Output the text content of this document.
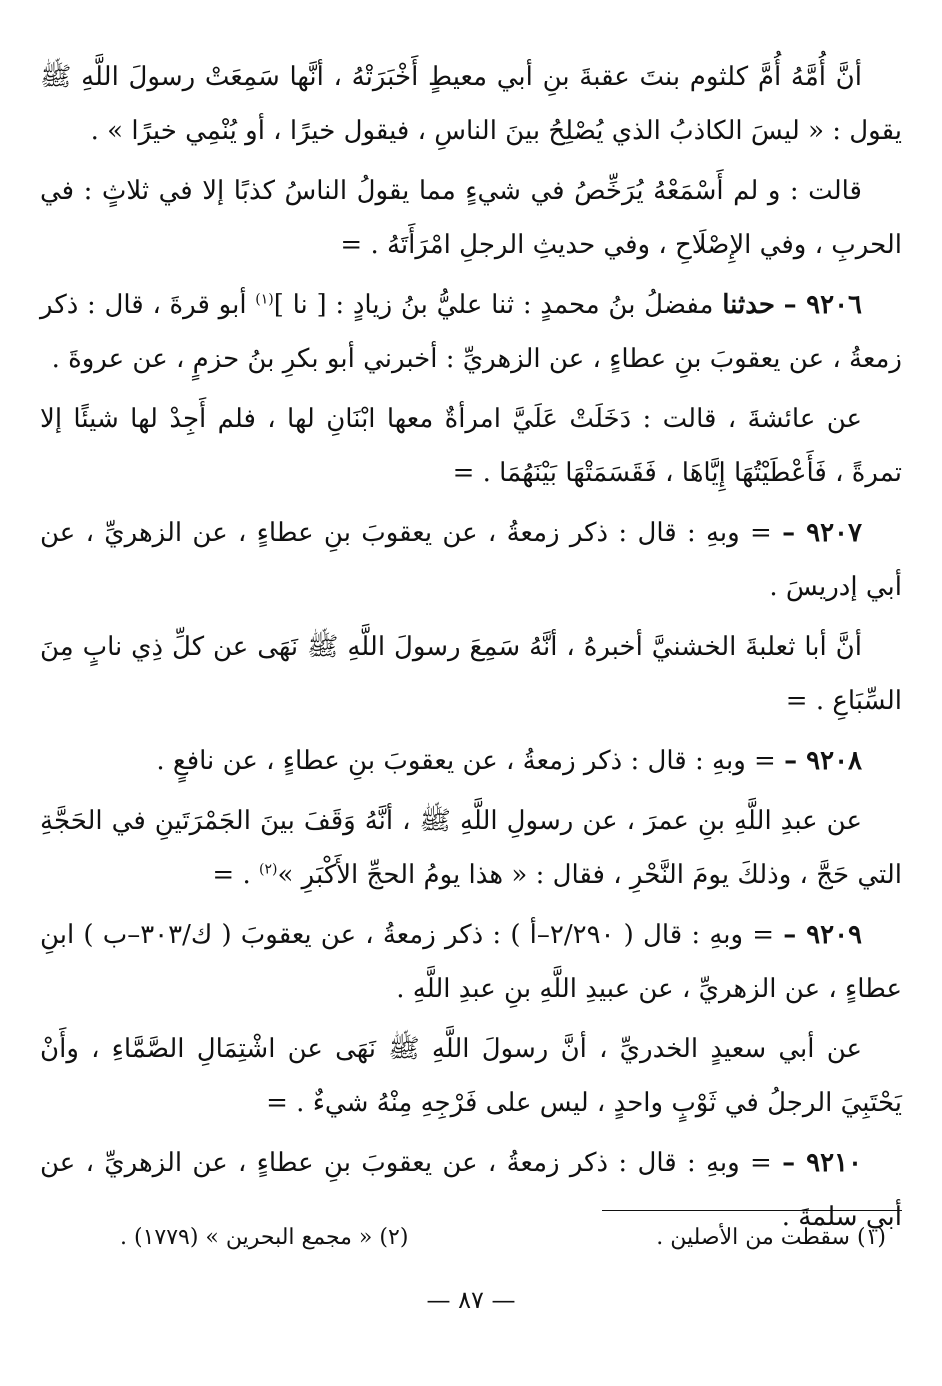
أنَّ أُمَّهُ أُمَّ كلثوم بنتَ عقبةَ بنِ أبي معيطٍ أَخْبَرَتْهُ ، أنَّها سَمِعَتْ رسولَ اللَّهِ ﷺ يقول : « ليسَ الكاذبُ الذي يُصْلِحُ بينَ الناسِ ، فيقول خيرًا ، أو يُنْمِي خيرًا » .

قالت : و لم أَسْمَعْهُ يُرَخِّصُ في شيءٍ مما يقولُ الناسُ كذبًا إلا في ثلاثٍ : في الحربِ ، وفي الإِصْلَاحِ ، وفي حديثِ الرجلِ امْرَأَتَهُ . =

٩٢٠٦ – حدثنا مفضلُ بنُ محمدٍ : ثنا عليُّ بنُ زيادٍ : [ نا ]$^{(١)}$ أبو قرةَ ، قال : ذكر زمعةُ ، عن يعقوبَ بنِ عطاءٍ ، عن الزهريِّ : أخبرني أبو بكرِ بنُ حزمٍ ، عن عروةَ .

عن عائشةَ ، قالت : دَخَلَتْ عَلَيَّ امرأةٌ معها ابْنَانِ لها ، فلم أَجِدْ لها شيئًا إلا تمرةً ، فَأَعْطَيْتُهَا إِيَّاهَا ، فَقَسَمَتْهَا بَيْنَهُمَا . =

٩٢٠٧ – = وبهِ : قال : ذكر زمعةُ ، عن يعقوبَ بنِ عطاءٍ ، عن الزهريِّ ، عن أبي إدريسَ .

أنَّ أبا ثعلبةَ الخشنيَّ أخبرهُ ، أنَّهُ سَمِعَ رسولَ اللَّهِ ﷺ نَهَى عن كلِّ ذِي نابٍ مِنَ السِّبَاعِ . =

٩٢٠٨ – = وبهِ : قال : ذكر زمعةُ ، عن يعقوبَ بنِ عطاءٍ ، عن نافعٍ .

عن عبدِ اللَّهِ بنِ عمرَ ، عن رسولِ اللَّهِ ﷺ ، أنَّهُ وَقَفَ بينَ الجَمْرَتَينِ في الحَجَّةِ التي حَجَّ ، وذلكَ يومَ النَّحْرِ ، فقال : « هذا يومُ الحجِّ الأَكْبَرِ »$^{(٢)}$ . =

٩٢٠٩ – = وبهِ : قال ( ٢/٢٩٠–أ ) : ذكر زمعةُ ، عن يعقوبَ ( ك/٣٠٣–ب ) ابنِ عطاءٍ ، عن الزهريِّ ، عن عبيدِ اللَّهِ بنِ عبدِ اللَّهِ .

عن أبي سعيدٍ الخدريِّ ، أنَّ رسولَ اللَّهِ ﷺ نَهَى عن اشْتِمَالِ الصَّمَّاءِ ، وأَنْ يَحْتَبِيَ الرجلُ في ثَوْبٍ واحدٍ ، ليس على فَرْجِهِ مِنْهُ شيءٌ . =

٩٢١٠ – = وبهِ : قال : ذكر زمعةُ ، عن يعقوبَ بنِ عطاءٍ ، عن الزهريِّ ، عن أبي سلمةَ .

(١) سقطت من الأصلين .
(٢) « مجمع البحرين » (١٧٧٩) .
— ٨٧ —
